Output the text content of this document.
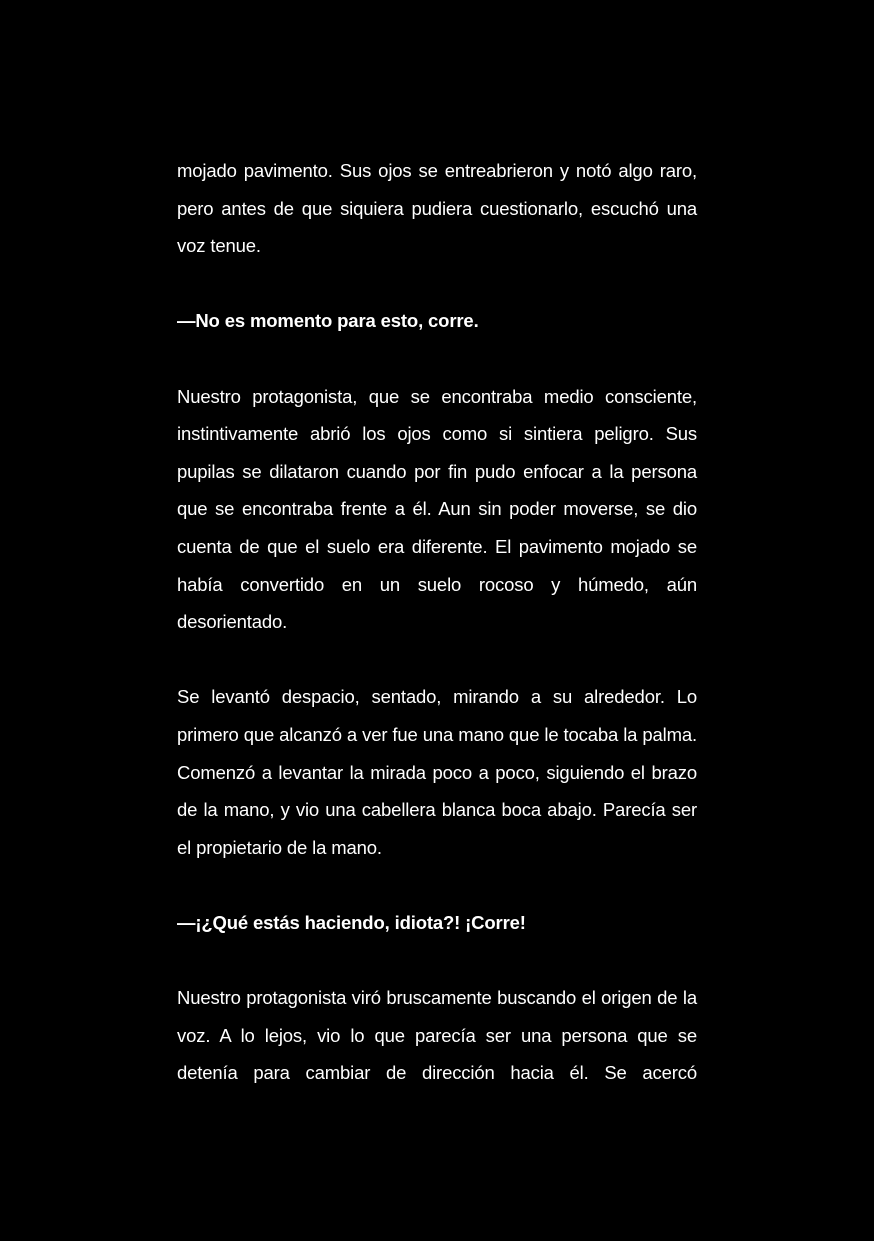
mojado pavimento. Sus ojos se entreabrieron y notó algo raro, pero antes de que siquiera pudiera cuestionarlo, escuchó una voz tenue.

—No es momento para esto, corre.

Nuestro protagonista, que se encontraba medio consciente, instintivamente abrió los ojos como si sintiera peligro. Sus pupilas se dilataron cuando por fin pudo enfocar a la persona que se encontraba frente a él. Aun sin poder moverse, se dio cuenta de que el suelo era diferente. El pavimento mojado se había convertido en un suelo rocoso y húmedo, aún desorientado.

Se levantó despacio, sentado, mirando a su alrededor. Lo primero que alcanzó a ver fue una mano que le tocaba la palma. Comenzó a levantar la mirada poco a poco, siguiendo el brazo de la mano, y vio una cabellera blanca boca abajo. Parecía ser el propietario de la mano.

—¡¿Qué estás haciendo, idiota?! ¡Corre!

Nuestro protagonista viró bruscamente buscando el origen de la voz. A lo lejos, vio lo que parecía ser una persona que se detenía para cambiar de dirección hacia él. Se acercó
